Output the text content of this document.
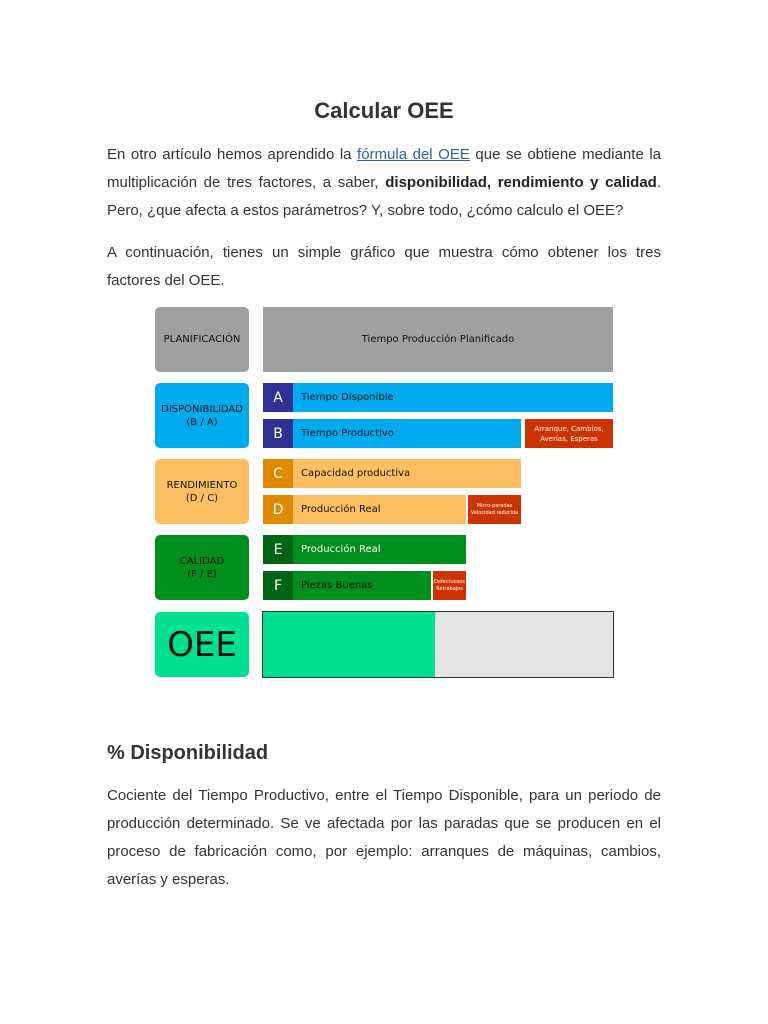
Calcular OEE

En otro artículo hemos aprendido la fórmula del OEE que se obtiene mediante la multiplicación de tres factores, a saber, disponibilidad, rendimiento y calidad. Pero, ¿que afecta a estos parámetros? Y, sobre todo, ¿cómo calculo el OEE?

A continuación, tienes un simple gráfico que muestra cómo obtener los tres factores del OEE.

% Disponibilidad

Cociente del Tiempo Productivo, entre el Tiempo Disponible, para un periodo de producción determinado. Se ve afectada por las paradas que se producen en el proceso de fabricación como, por ejemplo: arranques de máquinas, cambios, averías y esperas.

PLANIFICACIÓN	Tiempo Producción Planificado
DISPONIBILIDAD
(B / A)
A	Tiempo Disponible
B	Tiempo Productivo	Arranque, Cambios,
Averías, Esperas
RENDIMIENTO
(D / C)
C	Capacidad productiva
D	Producción Real	Micro-paradas
Velocidad reducida
CALIDAD
(F / E)
E	Producción Real
F	Piezas Buenas	Defectuosos
Retrabajos
OEE
